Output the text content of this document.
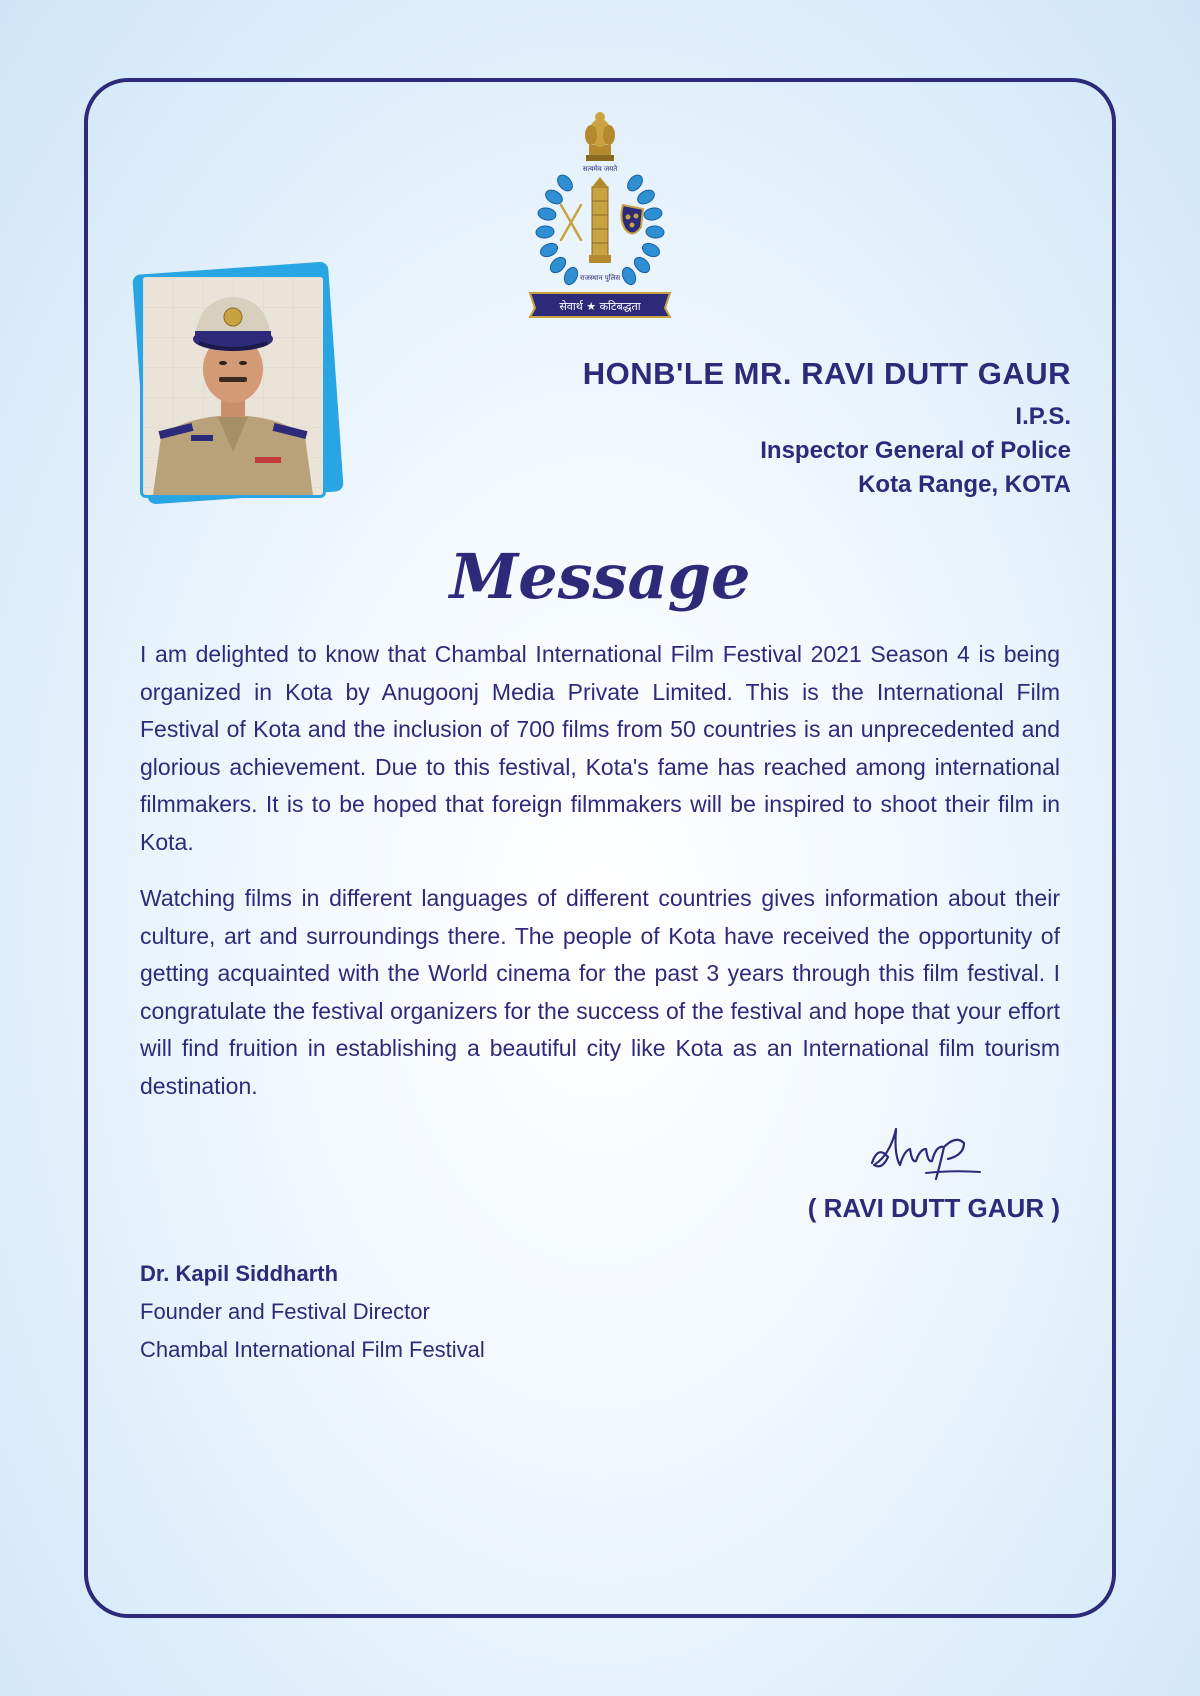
सत्यमेव जयते
राजस्थान पुलिस
सेवार्थ ★ कटिबद्धता
HONB'LE MR. RAVI DUTT GAUR
I.P.S.
Inspector General of Police
Kota Range, KOTA
Message

I am delighted to know that Chambal International Film Festival 2021 Season 4 is being organized in Kota by Anugoonj Media Private Limited. This is the International Film Festival of Kota and the inclusion of 700 films from 50 countries is an unprecedented and glorious achievement. Due to this festival, Kota's fame has reached among international filmmakers. It is to be hoped that foreign filmmakers will be inspired to shoot their film in Kota.

Watching films in different languages of different countries gives information about their culture, art and surroundings there. The people of Kota have received the opportunity of getting acquainted with the World cinema for the past 3 years through this film festival. I congratulate the festival organizers for the success of the festival and hope that your effort will find fruition in establishing a beautiful city like Kota as an International film tourism destination.

( RAVI DUTT GAUR )
Dr. Kapil Siddharth
Founder and Festival Director
Chambal International Film Festival
